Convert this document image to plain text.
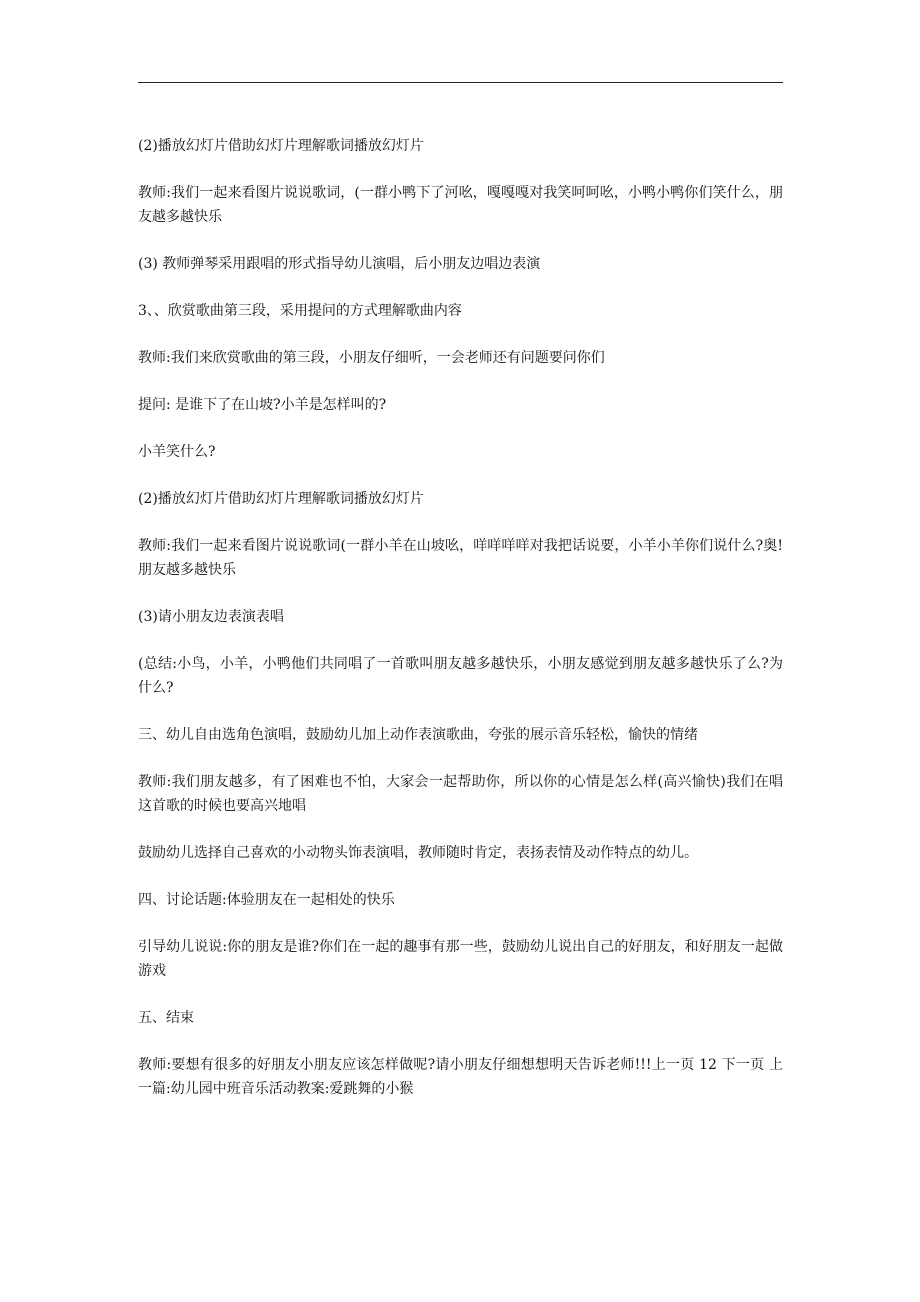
(2)播放幻灯片借助幻灯片理解歌词播放幻灯片

教师:我们一起来看图片说说歌词，(一群小鸭下了河吆，嘎嘎嘎对我笑呵呵吆，小鸭小鸭你们笑什么，朋友越多越快乐

(3) 教师弹琴采用跟唱的形式指导幼儿演唱，后小朋友边唱边表演

3、、欣赏歌曲第三段，采用提问的方式理解歌曲内容

教师:我们来欣赏歌曲的第三段，小朋友仔细听，一会老师还有问题要问你们

提问: 是谁下了在山坡?小羊是怎样叫的?

小羊笑什么?

(2)播放幻灯片借助幻灯片理解歌词播放幻灯片

教师:我们一起来看图片说说歌词(一群小羊在山坡吆，咩咩咩咩对我把话说要，小羊小羊你们说什么?奥!朋友越多越快乐

(3)请小朋友边表演表唱

(总结:小鸟，小羊，小鸭他们共同唱了一首歌叫朋友越多越快乐，小朋友感觉到朋友越多越快乐了么?为什么?

三、幼儿自由选角色演唱，鼓励幼儿加上动作表演歌曲，夸张的展示音乐轻松，愉快的情绪

教师:我们朋友越多，有了困难也不怕，大家会一起帮助你，所以你的心情是怎么样(高兴愉快)我们在唱这首歌的时候也要高兴地唱

鼓励幼儿选择自己喜欢的小动物头饰表演唱，教师随时肯定，表扬表情及动作特点的幼儿。

四、讨论话题:体验朋友在一起相处的快乐

引导幼儿说说:你的朋友是谁?你们在一起的趣事有那一些，鼓励幼儿说出自己的好朋友，和好朋友一起做游戏

五、结束

教师:要想有很多的好朋友小朋友应该怎样做呢?请小朋友仔细想想明天告诉老师!!!上一页 12 下一页 上一篇:幼儿园中班音乐活动教案:爱跳舞的小猴
